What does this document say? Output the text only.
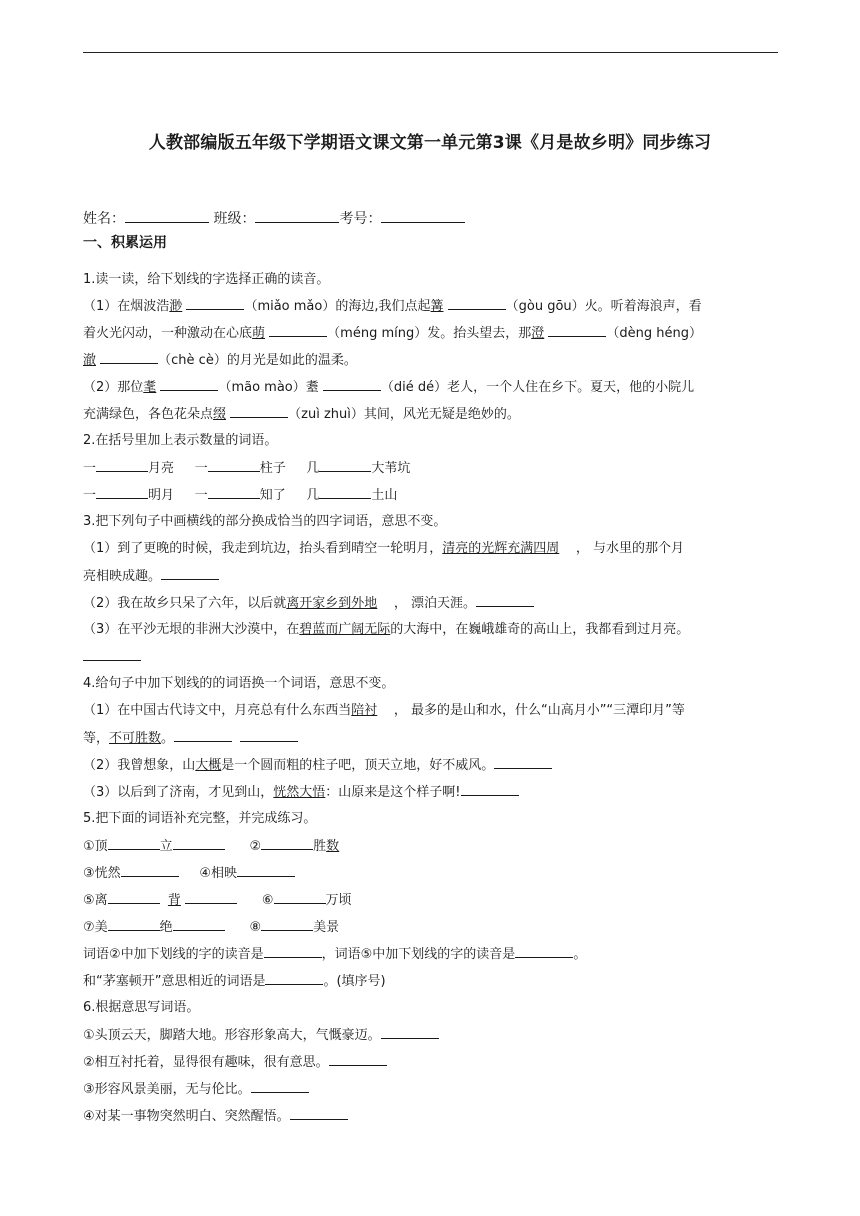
人教部编版五年级下学期语文课文第一单元第3课《月是故乡明》同步练习
姓名：	班级：	考号：
一、积累运用
1.读一读，给下划线的字选择正确的读音。
（1）在烟波浩渺	（miǎo mǎo）的海边,我们点起篝	（gòu gōu）火。听着海浪声，看
着火光闪动，一种激动在心底萌	（méng míng）发。抬头望去，那澄	（dèng héng）
澈	（chè cè）的月光是如此的温柔。
（2）那位耄	（mão mào）耋	（dié dé）老人，一个人住在乡下。夏天，他的小院儿
充满绿色，各色花朵点缀	（zuì zhuì）其间，风光无疑是绝妙的。
2.在括号里加上表示数量的词语。
一	月亮 一	柱子 几	大苇坑
一	明月 一	知了 几	土山
3.把下列句子中画横线的部分换成恰当的四字词语，意思不变。
（1）到了更晚的时候，我走到坑边，抬头看到晴空一轮明月，清亮的光辉充满四周 ， 与水里的那个月
亮相映成趣。
（2）我在故乡只呆了六年，以后就离开家乡到外地 ， 漂泊天涯。
（3）在平沙无垠的非洲大沙漠中，在碧蓝而广阔无际的大海中，在巍峨雄奇的高山上，我都看到过月亮。
4.给句子中加下划线的的词语换一个词语，意思不变。
（1）在中国古代诗文中，月亮总有什么东西当陪衬 ， 最多的是山和水，什么“山高月小”“三潭印月”等
等，不可胜数。
（2）我曾想象，山大概是一个圆而粗的柱子吧，顶天立地，好不威风。
（3）以后到了济南，才见到山，恍然大悟：山原来是这个样子啊!
5.把下面的词语补充完整，并完成练习。
①顶	立	②	胜数
③恍然	④相映
⑤离	背	⑥	万顷
⑦美	绝	⑧	美景
词语②中加下划线的字的读音是	，词语⑤中加下划线的字的读音是	。
和“茅塞顿开”意思相近的词语是	。(填序号)
6.根据意思写词语。
①头顶云天，脚踏大地。形容形象高大，气慨豪迈。
②相互衬托着，显得很有趣味，很有意思。
③形容风景美丽，无与伦比。
④对某一事物突然明白、突然醒悟。
